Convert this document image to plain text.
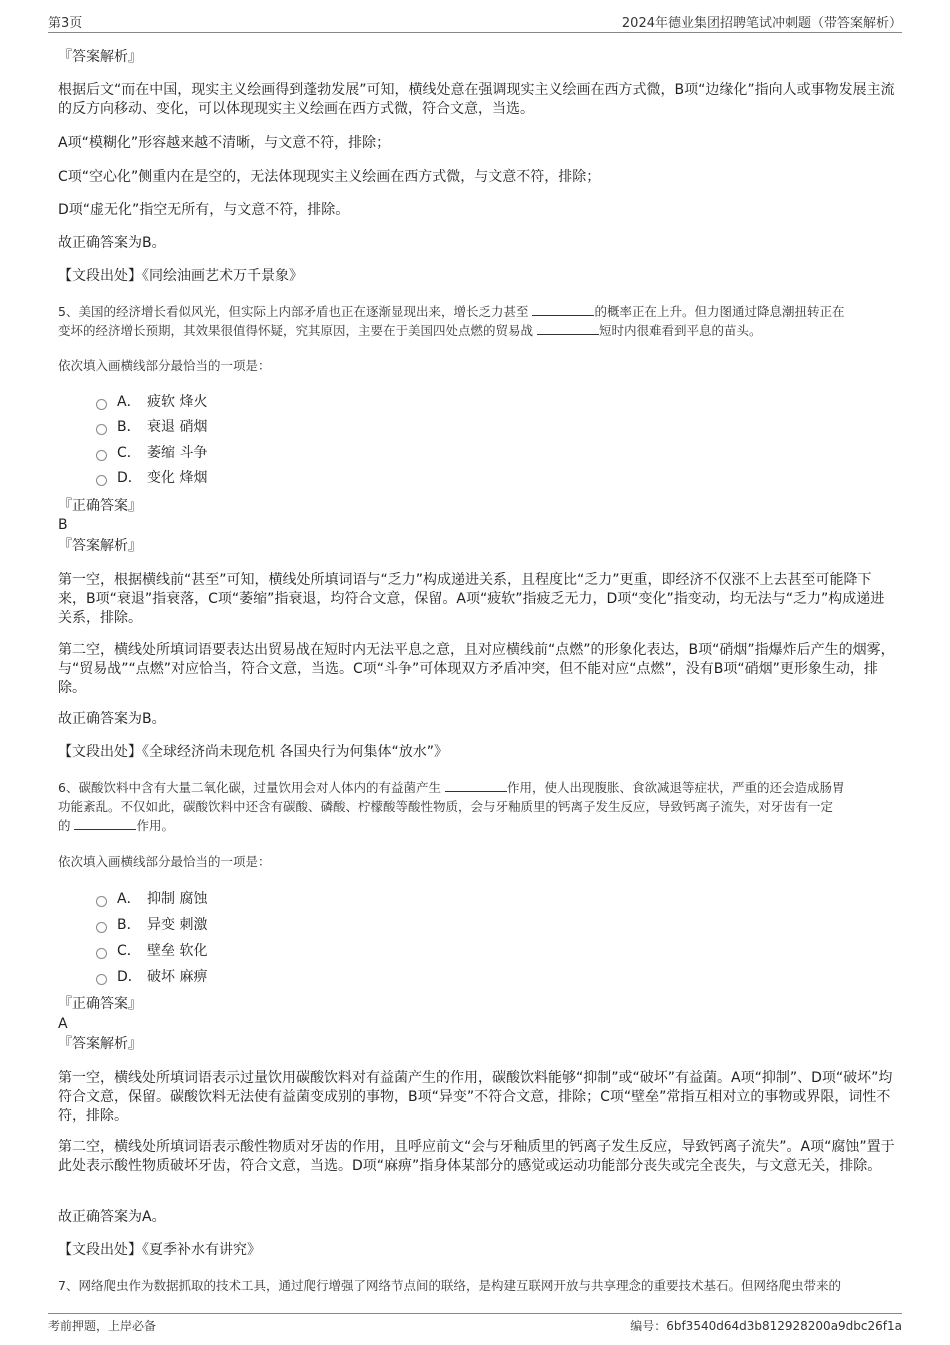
第3页	2024年德业集团招聘笔试冲刺题（带答案解析）

『答案解析』

根据后文“而在中国，现实主义绘画得到蓬勃发展”可知，横线处意在强调现实主义绘画在西方式微，B项“边缘化”指向人或事物发展主流的反方向移动、变化，可以体现现实主义绘画在西方式微，符合文意，当选。

A项“模糊化”形容越来越不清晰，与文意不符，排除；

C项“空心化”侧重内在是空的，无法体现现实主义绘画在西方式微，与文意不符，排除；

D项“虚无化”指空无所有，与文意不符，排除。

故正确答案为B。

【文段出处】《同绘油画艺术万千景象》

5、美国的经济增长看似风光，但实际上内部矛盾也正在逐渐显现出来，增长乏力甚至	的概率正在上升。但力图通过降息潮扭转正在
变坏的经济增长预期，其效果很值得怀疑，究其原因，主要在于美国四处点燃的贸易战	短时内很难看到平息的苗头。

依次填入画横线部分最恰当的一项是：

A． 疲软 烽火
B． 衰退 硝烟
C． 萎缩 斗争
D． 变化 烽烟

『正确答案』

B

『答案解析』

第一空，根据横线前“甚至”可知，横线处所填词语与“乏力”构成递进关系，且程度比“乏力”更重，即经济不仅涨不上去甚至可能降下来，B项“衰退”指衰落，C项“萎缩”指衰退，均符合文意，保留。A项“疲软”指疲乏无力，D项“变化”指变动，均无法与“乏力”构成递进关系，排除。

第二空，横线处所填词语要表达出贸易战在短时内无法平息之意，且对应横线前“点燃”的形象化表达，B项“硝烟”指爆炸后产生的烟雾，与“贸易战”“点燃”对应恰当，符合文意，当选。C项“斗争”可体现双方矛盾冲突，但不能对应“点燃”，没有B项“硝烟”更形象生动，排除。

故正确答案为B。

【文段出处】《全球经济尚未现危机 各国央行为何集体“放水”》

6、碳酸饮料中含有大量二氧化碳，过量饮用会对人体内的有益菌产生	作用，使人出现腹胀、食欲减退等症状，严重的还会造成肠胃
功能紊乱。不仅如此，碳酸饮料中还含有碳酸、磷酸、柠檬酸等酸性物质，会与牙釉质里的钙离子发生反应，导致钙离子流失，对牙齿有一定
的	作用。

依次填入画横线部分最恰当的一项是：

A． 抑制 腐蚀
B． 异变 刺激
C． 壁垒 软化
D． 破坏 麻痹

『正确答案』

A

『答案解析』

第一空，横线处所填词语表示过量饮用碳酸饮料对有益菌产生的作用，碳酸饮料能够“抑制”或“破坏”有益菌。A项“抑制”、D项“破坏”均符合文意，保留。碳酸饮料无法使有益菌变成别的事物，B项“异变”不符合文意，排除；C项“壁垒”常指互相对立的事物或界限，词性不符，排除。

第二空，横线处所填词语表示酸性物质对牙齿的作用，且呼应前文“会与牙釉质里的钙离子发生反应，导致钙离子流失”。A项“腐蚀”置于此处表示酸性物质破坏牙齿，符合文意，当选。D项“麻痹”指身体某部分的感觉或运动功能部分丧失或完全丧失，与文意无关，排除。

故正确答案为A。

【文段出处】《夏季补水有讲究》

7、网络爬虫作为数据抓取的技术工具，通过爬行增强了网络节点间的联络，是构建互联网开放与共享理念的重要技术基石。但网络爬虫带来的

考前押题，上岸必备	编号：6bf3540d64d3b812928200a9dbc26f1a
